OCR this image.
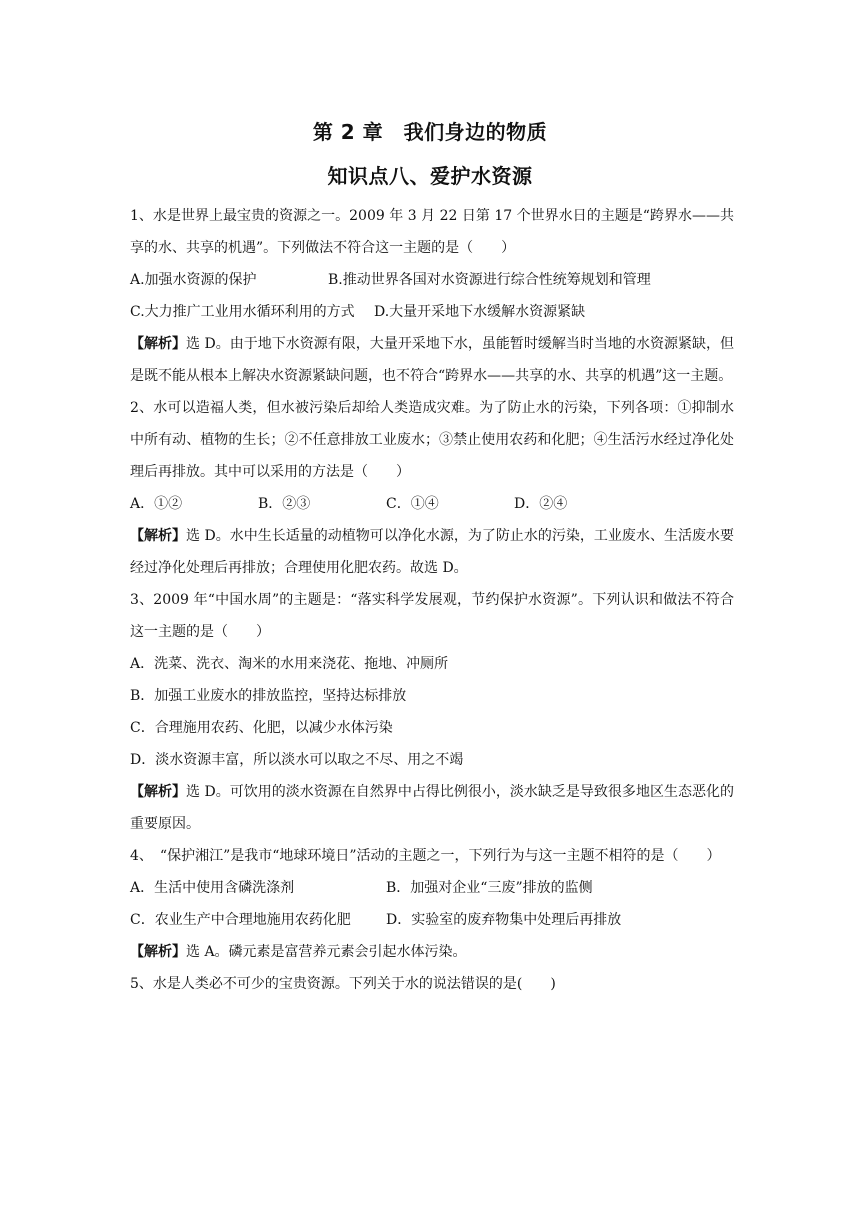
第 2 章　我们身边的物质
知识点八、爱护水资源

1、水是世界上最宝贵的资源之一。2009 年 3 月 22 日第 17 个世界水日的主题是“跨界水——共享的水、共享的机遇”。下列做法不符合这一主题的是（　　）

A.加强水资源的保护	B.推动世界各国对水资源进行综合性统筹规划和管理
C.大力推广工业用水循环利用的方式	D.大量开采地下水缓解水资源紧缺

【解析】选 D。由于地下水资源有限，大量开采地下水，虽能暂时缓解当时当地的水资源紧缺，但是既不能从根本上解决水资源紧缺问题，也不符合“跨界水——共享的水、共享的机遇”这一主题。

2、水可以造福人类，但水被污染后却给人类造成灾难。为了防止水的污染，下列各项：①抑制水中所有动、植物的生长；②不任意排放工业废水；③禁止使用农药和化肥；④生活污水经过净化处理后再排放。其中可以采用的方法是（　　）

A．①②	B．②③	C．①④	D．②④

【解析】选 D。水中生长适量的动植物可以净化水源，为了防止水的污染，工业废水、生活废水要经过净化处理后再排放；合理使用化肥农药。故选 D。

3、2009 年“中国水周”的主题是：“落实科学发展观，节约保护水资源”。下列认识和做法不符合这一主题的是（　　）

A．洗菜、洗衣、淘米的水用来浇花、拖地、冲厕所

B．加强工业废水的排放监控，坚持达标排放

C．合理施用农药、化肥，以减少水体污染

D．淡水资源丰富，所以淡水可以取之不尽、用之不竭

【解析】选 D。可饮用的淡水资源在自然界中占得比例很小，淡水缺乏是导致很多地区生态恶化的重要原因。

4、　“保护湘江”是我市“地球环境日”活动的主题之一，下列行为与这一主题不相符的是（　　）

A．生活中使用含磷洗涤剂	B．加强对企业“三废”排放的监侧
C．农业生产中合理地施用农药化肥	D．实验室的废弃物集中处理后再排放

【解析】选 A。磷元素是富营养元素会引起水体污染。

5、水是人类必不可少的宝贵资源。下列关于水的说法错误的是(　　)
